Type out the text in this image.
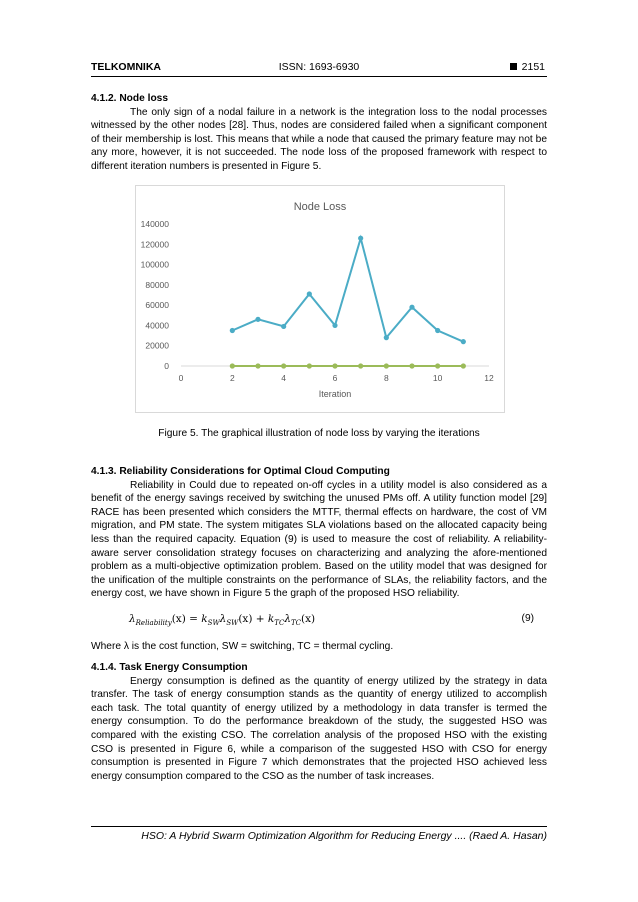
TELKOMNIKA	ISSN: 1693-6930	2151

4.1.2. Node loss

The only sign of a nodal failure in a network is the integration loss to the nodal processes witnessed by the other nodes [28]. Thus, nodes are considered failed when a significant component of their membership is lost. This means that while a node that caused the primary feature may not be any more, however, it is not succeeded. The node loss of the proposed framework with respect to different iteration numbers is presented in Figure 5.

Node Loss
0
20000
40000
60000
80000
100000
120000
140000
0	2	4	6	8	10	12
Iteration
Figure 5. The graphical illustration of node loss by varying the iterations

4.1.3. Reliability Considerations for Optimal Cloud Computing

Reliability in Could due to repeated on-off cycles in a utility model is also considered as a benefit of the energy savings received by switching the unused PMs off. A utility function model [29] RACE has been presented which considers the MTTF, thermal effects on hardware, the cost of VM migration, and PM state. The system mitigates SLA violations based on the allocated capacity being less than the required capacity. Equation (9) is used to measure the cost of reliability. A reliability-aware server consolidation strategy focuses on characterizing and analyzing the afore-mentioned problem as a multi-objective optimization problem. Based on the utility model that was designed for the unification of the multiple constraints on the performance of SLAs, the reliability factors, and the energy cost, we have shown in Figure 5 the graph of the proposed HSO reliability.

$\lambda_{Reliability}(x) = k_{SW}\lambda_{SW}(x) + k_{TC}\lambda_{TC}(x)$	(9)
Where λ is the cost function, SW = switching, TC = thermal cycling.

4.1.4. Task Energy Consumption

Energy consumption is defined as the quantity of energy utilized by the strategy in data transfer. The task of energy consumption stands as the quantity of energy utilized to accomplish each task. The total quantity of energy utilized by a methodology in data transfer is termed the energy consumption. To do the performance breakdown of the study, the suggested HSO was compared with the existing CSO. The correlation analysis of the proposed HSO with the existing CSO is presented in Figure 6, while a comparison of the suggested HSO with CSO for energy consumption is presented in Figure 7 which demonstrates that the projected HSO achieved less energy consumption compared to the CSO as the number of task increases.

HSO: A Hybrid Swarm Optimization Algorithm for Reducing Energy .... (Raed A. Hasan)
